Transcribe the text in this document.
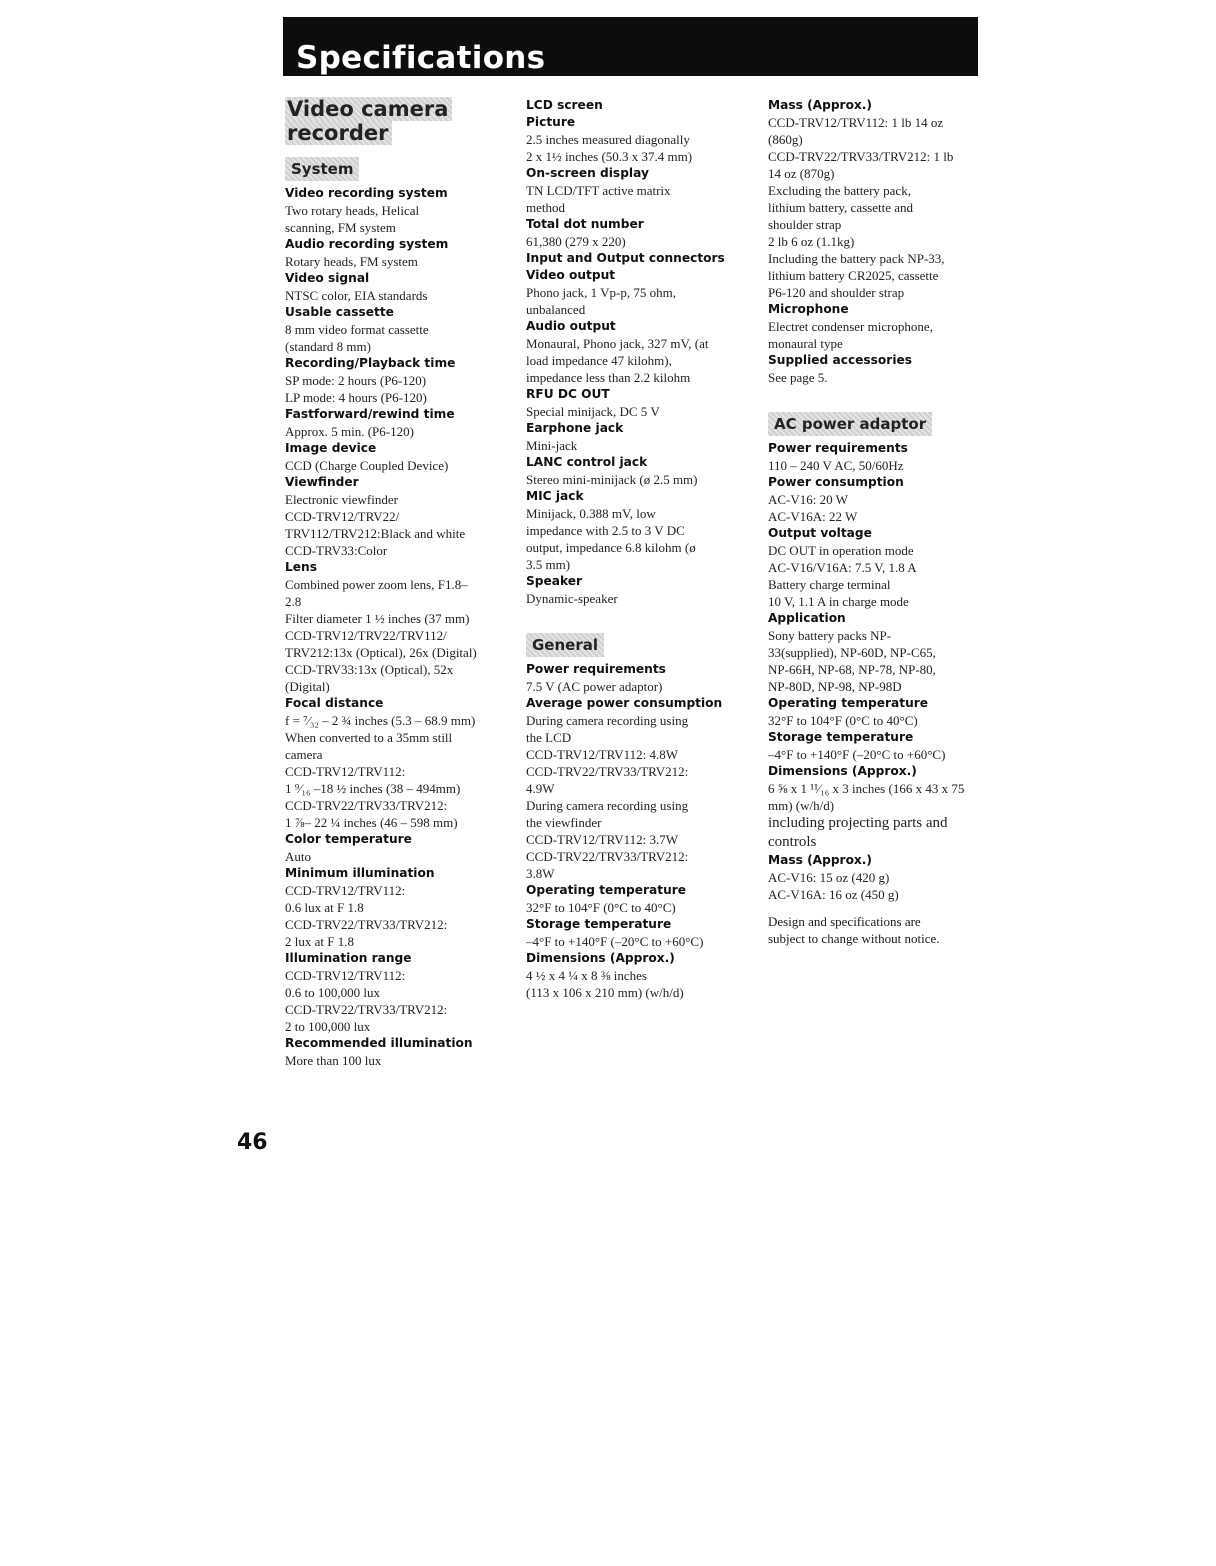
Specifications
Video camera
recorder
System
Video recording system
Two rotary heads, Helical
scanning, FM system
Audio recording system
Rotary heads, FM system
Video signal
NTSC color, EIA standards
Usable cassette
8 mm video format cassette
(standard 8 mm)
Recording/Playback time
SP mode: 2 hours (P6-120)
LP mode: 4 hours (P6-120)
Fastforward/rewind time
Approx. 5 min. (P6-120)
Image device
CCD (Charge Coupled Device)
Viewfinder
Electronic viewfinder
CCD-TRV12/TRV22/
TRV112/TRV212:Black and white
CCD-TRV33:Color
Lens
Combined power zoom lens, F1.8–
2.8
Filter diameter 1 ½ inches (37 mm)
CCD-TRV12/TRV22/TRV112/
TRV212:13x (Optical), 26x (Digital)
CCD-TRV33:13x (Optical), 52x
(Digital)
Focal distance
f = ⁷⁄₃₂ – 2 ¾ inches (5.3 – 68.9 mm)
When converted to a 35mm still
camera
CCD-TRV12/TRV112:
1 ⁹⁄₁₆ –18 ½ inches (38 – 494mm)
CCD-TRV22/TRV33/TRV212:
1 ⅞– 22 ¼ inches (46 – 598 mm)
Color temperature
Auto
Minimum illumination
CCD-TRV12/TRV112:
0.6 lux at F 1.8
CCD-TRV22/TRV33/TRV212:
2 lux at F 1.8
Illumination range
CCD-TRV12/TRV112:
0.6 to 100,000 lux
CCD-TRV22/TRV33/TRV212:
2 to 100,000 lux
Recommended illumination
More than 100 lux
LCD screen
Picture
2.5 inches measured diagonally
2 x 1½ inches (50.3 x 37.4 mm)
On-screen display
TN LCD/TFT active matrix
method
Total dot number
61,380 (279 x 220)
Input and Output connectors
Video output
Phono jack, 1 Vp-p, 75 ohm,
unbalanced
Audio output
Monaural, Phono jack, 327 mV, (at
load impedance 47 kilohm),
impedance less than 2.2 kilohm
RFU DC OUT
Special minijack, DC 5 V
Earphone jack
Mini-jack
LANC control jack
Stereo mini-minijack (ø 2.5 mm)
MIC jack
Minijack, 0.388 mV, low
impedance with 2.5 to 3 V DC
output, impedance 6.8 kilohm (ø
3.5 mm)
Speaker
Dynamic-speaker
General
Power requirements
7.5 V (AC power adaptor)
Average power consumption
During camera recording using
the LCD
CCD-TRV12/TRV112: 4.8W
CCD-TRV22/TRV33/TRV212:
4.9W
During camera recording using
the viewfinder
CCD-TRV12/TRV112: 3.7W
CCD-TRV22/TRV33/TRV212:
3.8W
Operating temperature
32°F to 104°F (0°C to 40°C)
Storage temperature
–4°F to +140°F (–20°C to +60°C)
Dimensions (Approx.)
4 ½ x 4 ¼ x 8 ⅜ inches
(113 x 106 x 210 mm) (w/h/d)
Mass (Approx.)
CCD-TRV12/TRV112: 1 lb 14 oz
(860g)
CCD-TRV22/TRV33/TRV212: 1 lb
14 oz (870g)
Excluding the battery pack,
lithium battery, cassette and
shoulder strap
2 lb 6 oz (1.1kg)
Including the battery pack NP-33,
lithium battery CR2025, cassette
P6-120 and shoulder strap
Microphone
Electret condenser microphone,
monaural type
Supplied accessories
See page 5.
AC power adaptor
Power requirements
110 – 240 V AC, 50/60Hz
Power consumption
AC-V16: 20 W
AC-V16A: 22 W
Output voltage
DC OUT in operation mode
AC-V16/V16A: 7.5 V, 1.8 A
Battery charge terminal
10 V, 1.1 A in charge mode
Application
Sony battery packs NP-
33(supplied), NP-60D, NP-C65,
NP-66H, NP-68, NP-78, NP-80,
NP-80D, NP-98, NP-98D
Operating temperature
32°F to 104°F (0°C to 40°C)
Storage temperature
–4°F to +140°F (–20°C to +60°C)
Dimensions (Approx.)
6 ⅝ x 1 ¹¹⁄₁₆ x 3 inches (166 x 43 x 75
mm) (w/h/d)
including projecting parts and
controls
Mass (Approx.)
AC-V16: 15 oz (420 g)
AC-V16A: 16 oz (450 g)
Design and specifications are
subject to change without notice.
46
